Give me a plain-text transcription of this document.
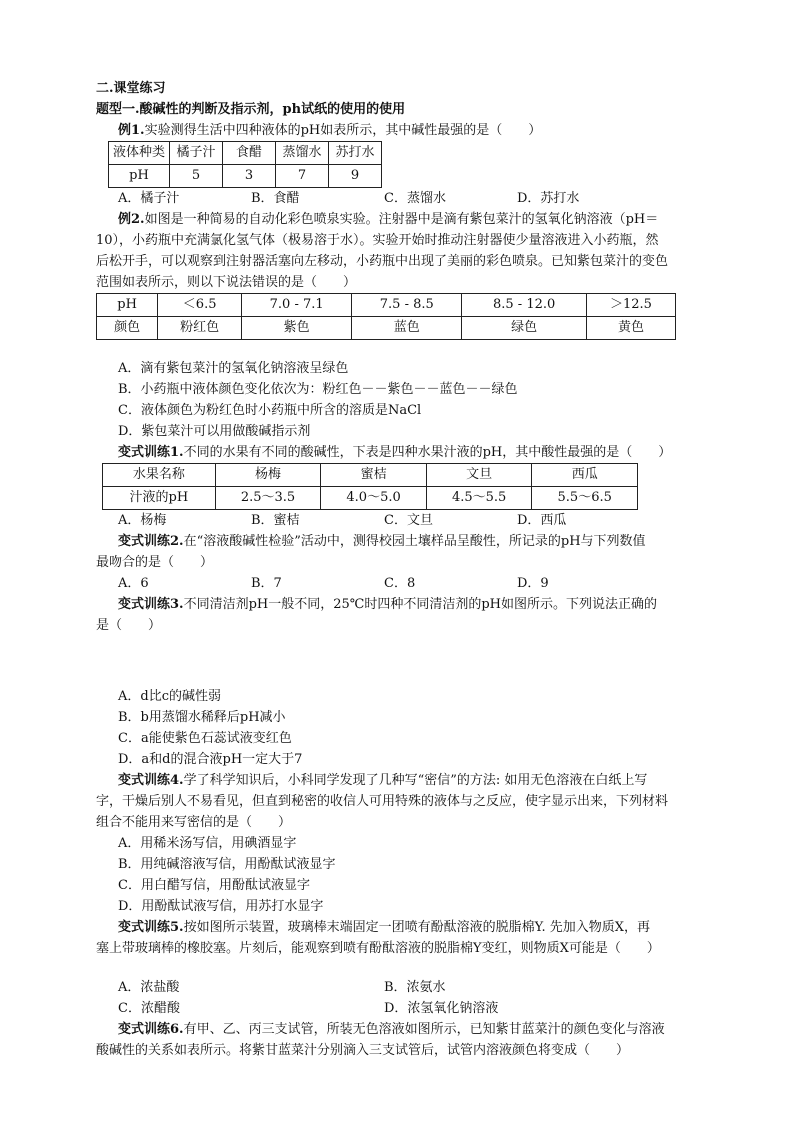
二.课堂练习
题型一.酸碱性的判断及指示剂，ph试纸的使用的使用
例1.实验测得生活中四种液体的pH如表所示，其中碱性最强的是（　　）
液体种类	橘子汁	食醋	蒸馏水	苏打水
pH	5	3	7	9
A．橘子汁	B．食醋	C．蒸馏水	D．苏打水
例2.如图是一种简易的自动化彩色喷泉实验。注射器中是滴有紫包菜汁的氢氧化钠溶液（pH＝
10），小药瓶中充满氯化氢气体（极易溶于水）。实验开始时推动注射器使少量溶液进入小药瓶，然
后松开手，可以观察到注射器活塞向左移动，小药瓶中出现了美丽的彩色喷泉。已知紫包菜汁的变色
范围如表所示，则以下说法错误的是（　　）
pH	＜6.5	7.0 - 7.1	7.5 - 8.5	8.5 - 12.0	＞12.5
颜色	粉红色	紫色	蓝色	绿色	黄色
A．滴有紫包菜汁的氢氧化钠溶液呈绿色
B．小药瓶中液体颜色变化依次为：粉红色－－紫色－－蓝色－－绿色
C．液体颜色为粉红色时小药瓶中所含的溶质是NaCl
D．紫包菜汁可以用做酸碱指示剂
变式训练1.不同的水果有不同的酸碱性，下表是四种水果汁液的pH，其中酸性最强的是（　　）
水果名称	杨梅	蜜桔	文旦	西瓜
汁液的pH	2.5～3.5	4.0～5.0	4.5～5.5	5.5～6.5
A．杨梅	B．蜜桔	C．文旦	D．西瓜
变式训练2.在“溶液酸碱性检验”活动中，测得校园土壤样品呈酸性，所记录的pH与下列数值
最吻合的是（　　）
A．6	B．7	C．8	D．9
变式训练3.不同清洁剂pH一般不同，25℃时四种不同清洁剂的pH如图所示。下列说法正确的
是（　　）
A．d比c的碱性弱
B．b用蒸馏水稀释后pH减小
C．a能使紫色石蕊试液变红色
D．a和d的混合液pH一定大于7
变式训练4.学了科学知识后，小科同学发现了几种写“密信”的方法: 如用无色溶液在白纸上写
字，干燥后别人不易看见，但直到秘密的收信人可用特殊的液体与之反应，使字显示出来，下列材料
组合不能用来写密信的是（　　）
A．用稀米汤写信，用碘酒显字
B．用纯碱溶液写信，用酚酞试液显字
C．用白醋写信，用酚酞试液显字
D．用酚酞试液写信，用苏打水显字
变式训练5.按如图所示装置，玻璃棒末端固定一团喷有酚酞溶液的脱脂棉Y. 先加入物质X，再
塞上带玻璃棒的橡胶塞。片刻后，能观察到喷有酚酞溶液的脱脂棉Y变红，则物质X可能是（　　）
A．浓盐酸	B．浓氨水
C．浓醋酸	D．浓氢氧化钠溶液
变式训练6.有甲、乙、丙三支试管，所装无色溶液如图所示，已知紫甘蓝菜汁的颜色变化与溶液
酸碱性的关系如表所示。将紫甘蓝菜汁分别滴入三支试管后，试管内溶液颜色将变成（　　）
